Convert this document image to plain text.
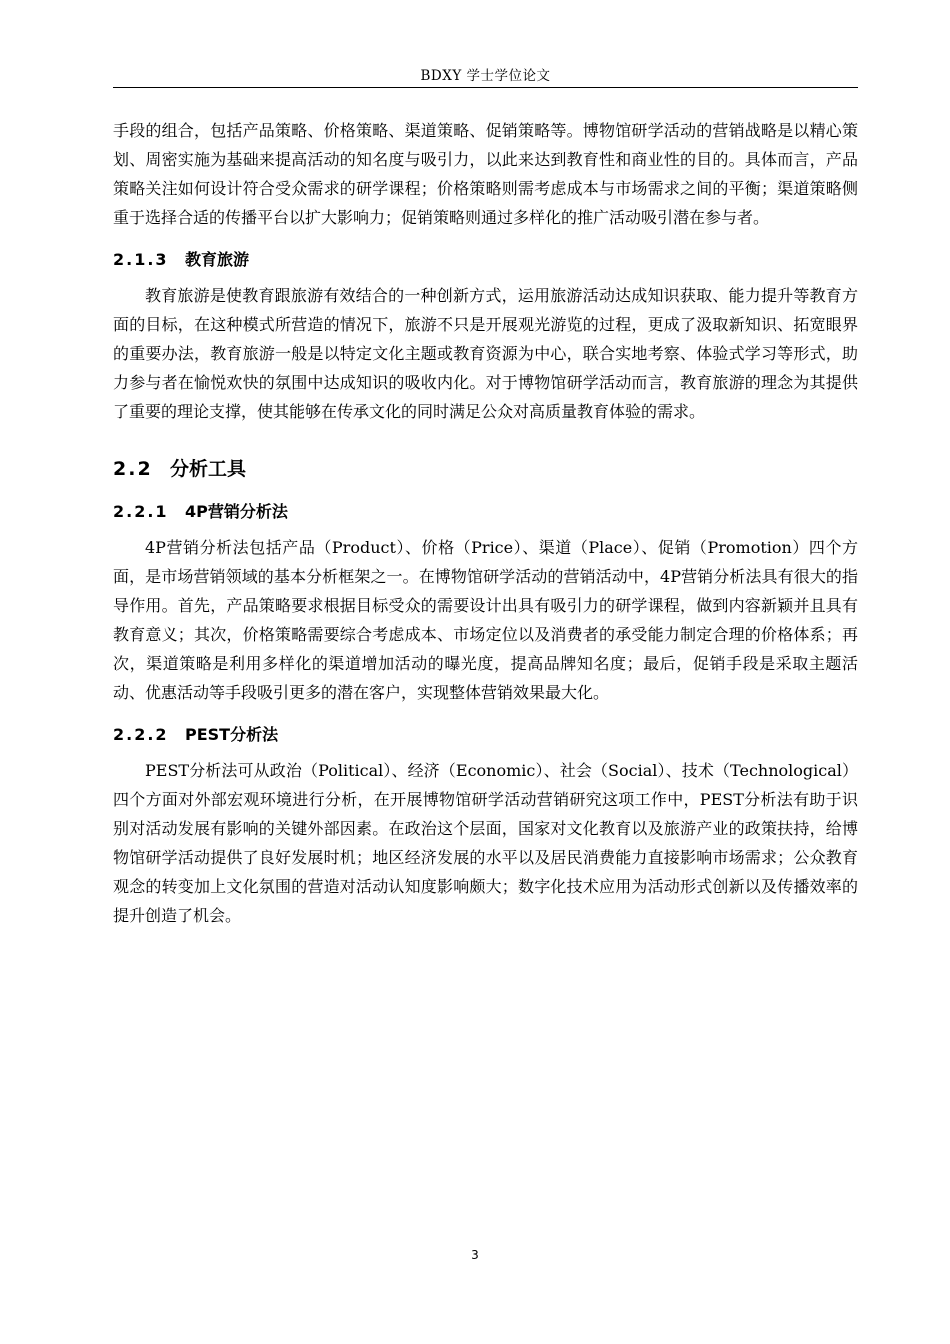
BDXY 学士学位论文

手段的组合，包括产品策略、价格策略、渠道策略、促销策略等。博物馆研学活动的营销战略是以精心策划、周密实施为基础来提高活动的知名度与吸引力，以此来达到教育性和商业性的目的。具体而言，产品策略关注如何设计符合受众需求的研学课程；价格策略则需考虑成本与市场需求之间的平衡；渠道策略侧重于选择合适的传播平台以扩大影响力；促销策略则通过多样化的推广活动吸引潜在参与者。

2.1.3	教育旅游

教育旅游是使教育跟旅游有效结合的一种创新方式，运用旅游活动达成知识获取、能力提升等教育方面的目标，在这种模式所营造的情况下，旅游不只是开展观光游览的过程，更成了汲取新知识、拓宽眼界的重要办法，教育旅游一般是以特定文化主题或教育资源为中心，联合实地考察、体验式学习等形式，助力参与者在愉悦欢快的氛围中达成知识的吸收内化。对于博物馆研学活动而言，教育旅游的理念为其提供了重要的理论支撑，使其能够在传承文化的同时满足公众对高质量教育体验的需求。

2.2 分析工具
2.2.1	4P营销分析法

4P营销分析法包括产品（Product）、价格（Price）、渠道（Place）、促销（Promotion）四个方面，是市场营销领域的基本分析框架之一。在博物馆研学活动的营销活动中，4P营销分析法具有很大的指导作用。首先，产品策略要求根据目标受众的需要设计出具有吸引力的研学课程，做到内容新颖并且具有教育意义；其次，价格策略需要综合考虑成本、市场定位以及消费者的承受能力制定合理的价格体系；再次，渠道策略是利用多样化的渠道增加活动的曝光度，提高品牌知名度；最后，促销手段是采取主题活动、优惠活动等手段吸引更多的潜在客户，实现整体营销效果最大化。

2.2.2	PEST分析法

PEST分析法可从政治（Political）、经济（Economic）、社会（Social）、技术（Technological）四个方面对外部宏观环境进行分析，在开展博物馆研学活动营销研究这项工作中，PEST分析法有助于识别对活动发展有影响的关键外部因素。在政治这个层面，国家对文化教育以及旅游产业的政策扶持，给博物馆研学活动提供了良好发展时机；地区经济发展的水平以及居民消费能力直接影响市场需求；公众教育观念的转变加上文化氛围的营造对活动认知度影响颇大；数字化技术应用为活动形式创新以及传播效率的提升创造了机会。

3
